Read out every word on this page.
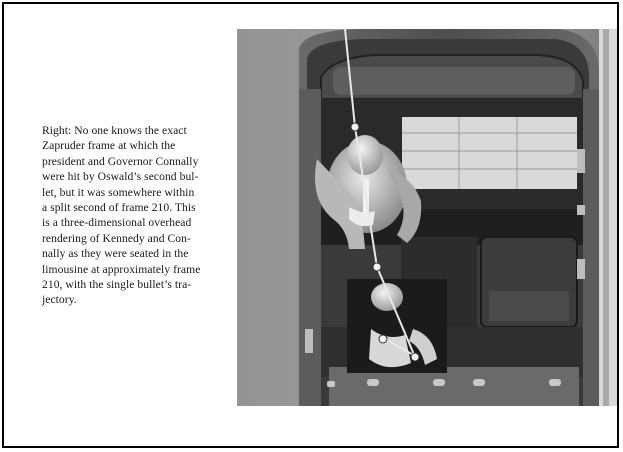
Right: No one knows the exact
Zapruder frame at which the
president and Governor Connally
were hit by Oswald’s second bul-
let, but it was somewhere within
a split second of frame 210. This
is a three-dimensional overhead
rendering of Kennedy and Con-
nally as they were seated in the
limousine at approximately frame
210, with the single bullet’s tra-
jectory.
